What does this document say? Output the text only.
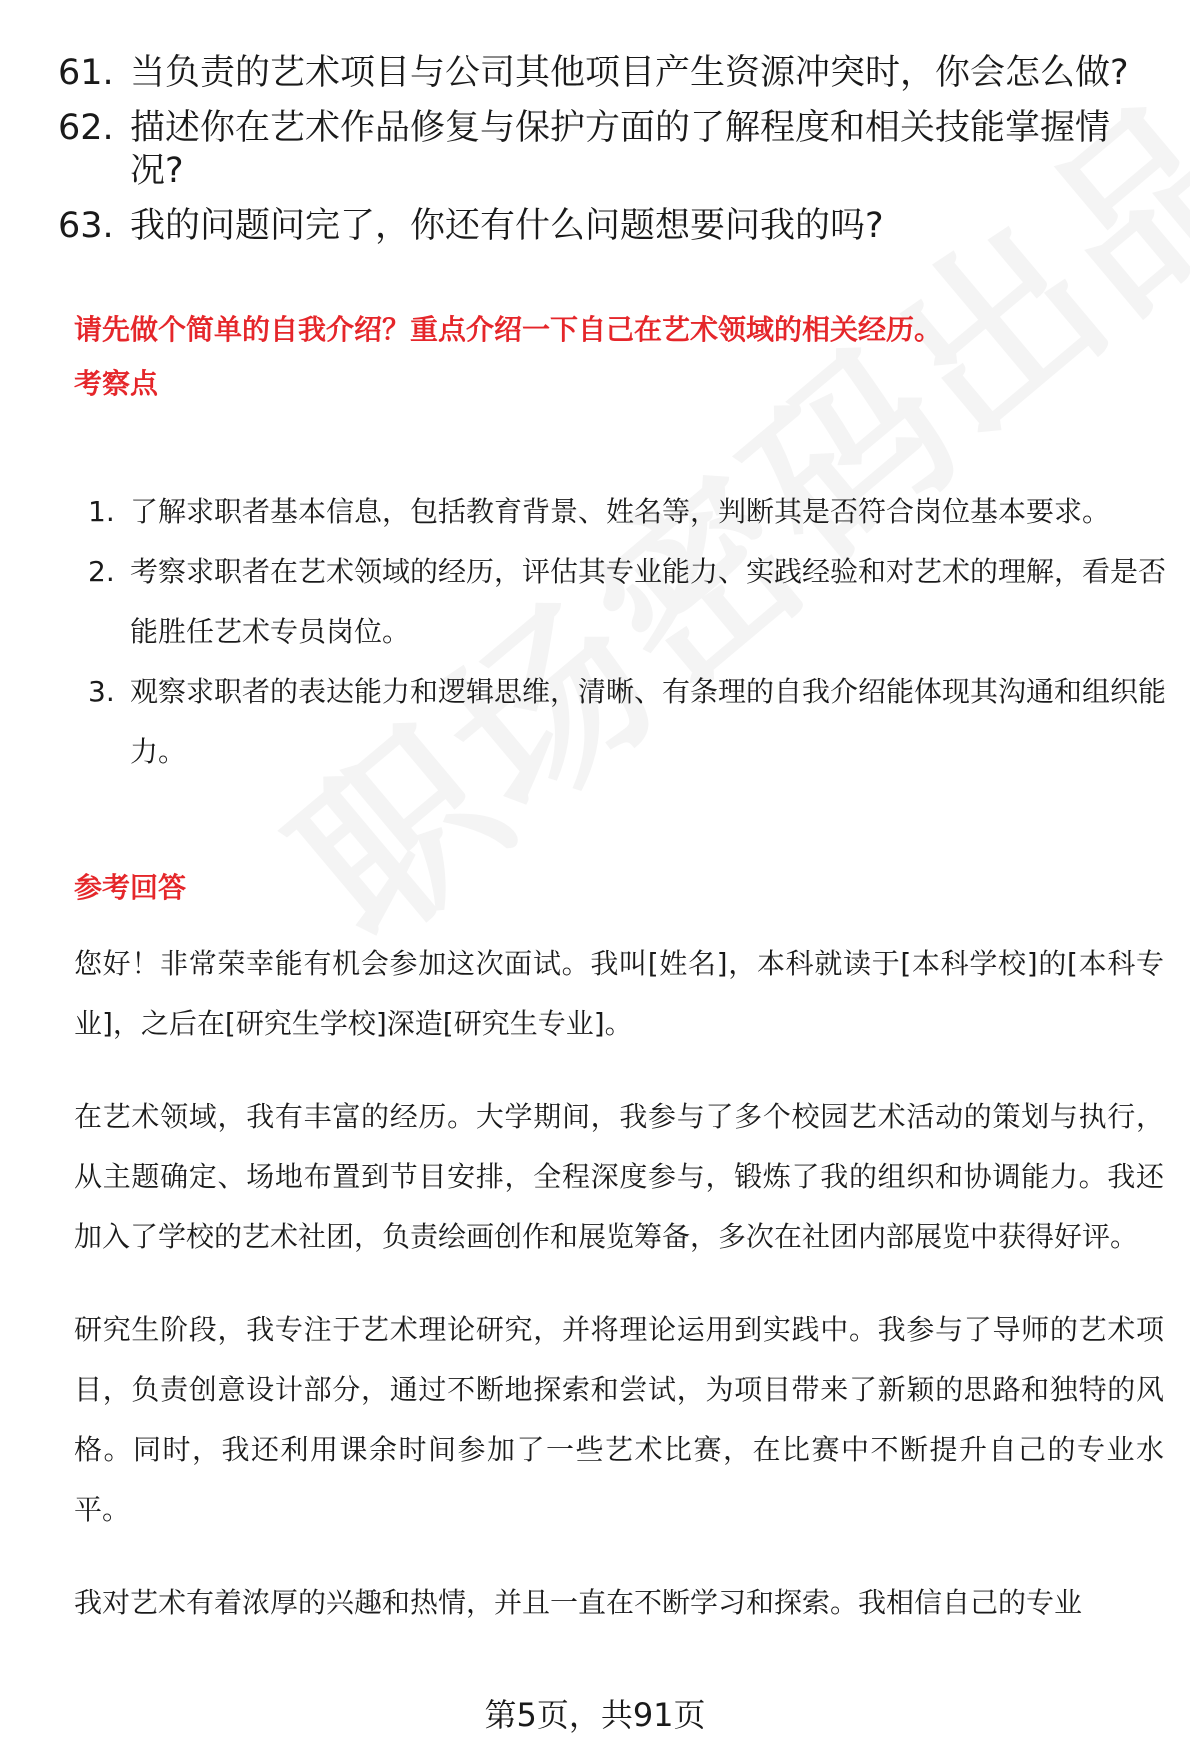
61. 当负责的艺术项目与公司其他项目产生资源冲突时，你会怎么做?
62. 描述你在艺术作品修复与保护方面的了解程度和相关技能掌握情况?
63. 我的问题问完了，你还有什么问题想要问我的吗?
请先做个简单的自我介绍？重点介绍一下自己在艺术领域的相关经历。
考察点
1. 了解求职者基本信息，包括教育背景、姓名等，判断其是否符合岗位基本要求。
2. 考察求职者在艺术领域的经历，评估其专业能力、实践经验和对艺术的理解，看是否能胜任艺术专员岗位。
3. 观察求职者的表达能力和逻辑思维，清晰、有条理的自我介绍能体现其沟通和组织能力。
参考回答

您好！非常荣幸能有机会参加这次面试。我叫[姓名]，本科就读于[本科学校]的[本科专业]，之后在[研究生学校]深造[研究生专业]。

在艺术领域，我有丰富的经历。大学期间，我参与了多个校园艺术活动的策划与执行，从主题确定、场地布置到节目安排，全程深度参与，锻炼了我的组织和协调能力。我还加入了学校的艺术社团，负责绘画创作和展览筹备，多次在社团内部展览中获得好评。

研究生阶段，我专注于艺术理论研究，并将理论运用到实践中。我参与了导师的艺术项目，负责创意设计部分，通过不断地探索和尝试，为项目带来了新颖的思路和独特的风格。同时，我还利用课余时间参加了一些艺术比赛，在比赛中不断提升自己的专业水平。

我对艺术有着浓厚的兴趣和热情，并且一直在不断学习和探索。我相信自己的专业

第5页，共91页
